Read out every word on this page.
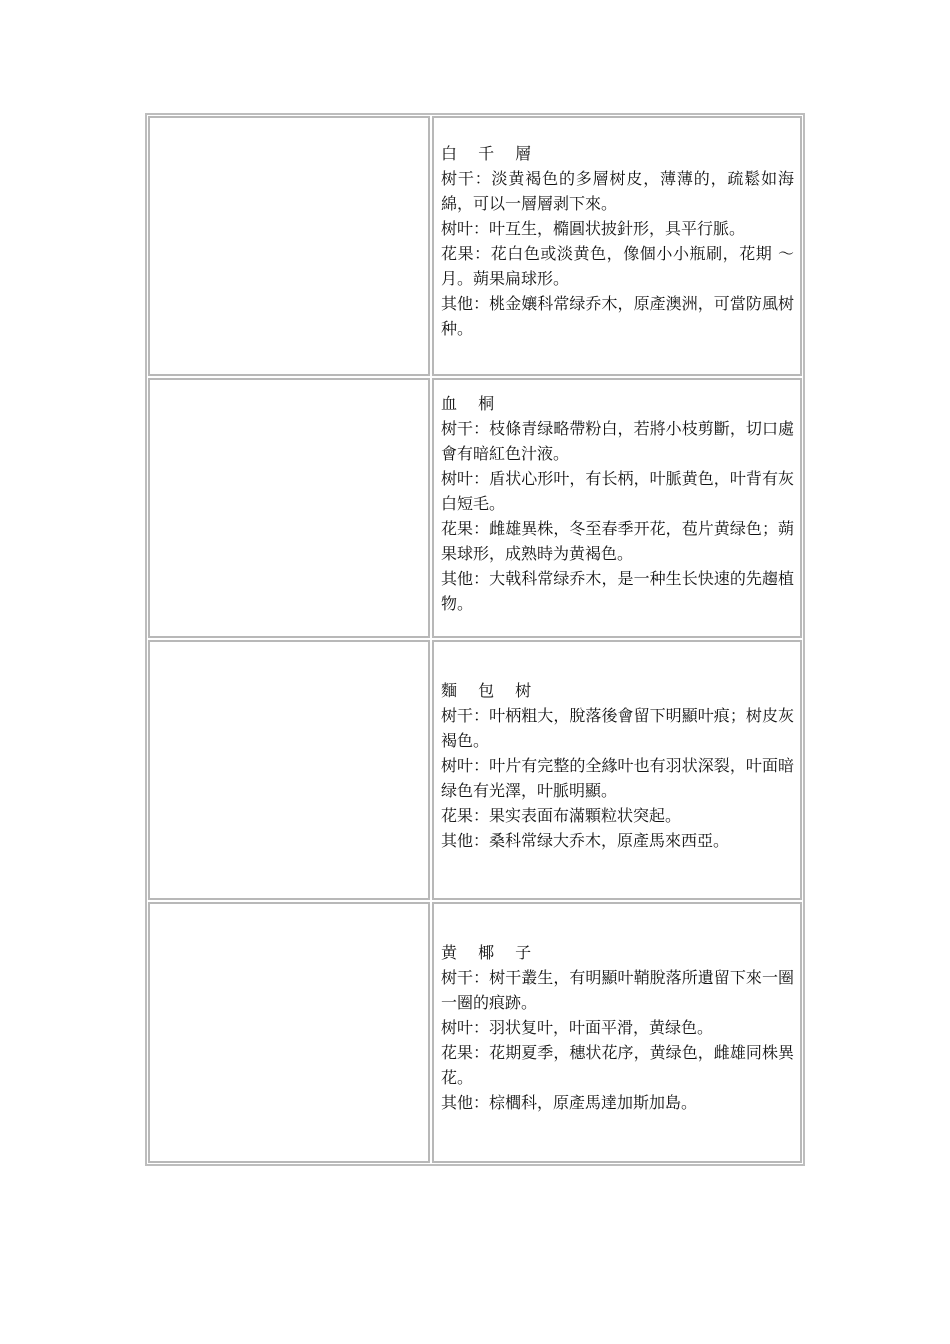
白 千 層
树干：淡黄褐色的多層树皮，薄薄的，疏鬆如海綿，可以一層層剥下來。
树叶：叶互生，橢圓状披針形，具平行脈。
花果：花白色或淡黄色，像個小小瓶刷，花期 ～ 月。蒴果扁球形。
其他：桃金孃科常绿乔木，原產澳洲，可當防風树种。
血 桐
树干：枝條青绿略帶粉白，若將小枝剪斷，切口處會有暗紅色汁液。
树叶：盾状心形叶，有长柄，叶脈黄色，叶背有灰白短毛。
花果：雌雄異株，冬至春季开花，苞片黄绿色；蒴果球形，成熟時为黄褐色。
其他：大戟科常绿乔木，是一种生长快速的先趨植物。
麵 包 树
树干：叶柄粗大，脫落後會留下明顯叶痕；树皮灰褐色。
树叶：叶片有完整的全緣叶也有羽状深裂，叶面暗绿色有光澤，叶脈明顯。
花果：果实表面布滿顆粒状突起。
其他：桑科常绿大乔木，原產馬來西亞。
黄 椰 子
树干：树干叢生，有明顯叶鞘脫落所遺留下來一圈一圈的痕跡。
树叶：羽状复叶，叶面平滑，黄绿色。
花果：花期夏季，穗状花序，黄绿色，雌雄同株異花。
其他：棕櫚科，原產馬達加斯加島。
